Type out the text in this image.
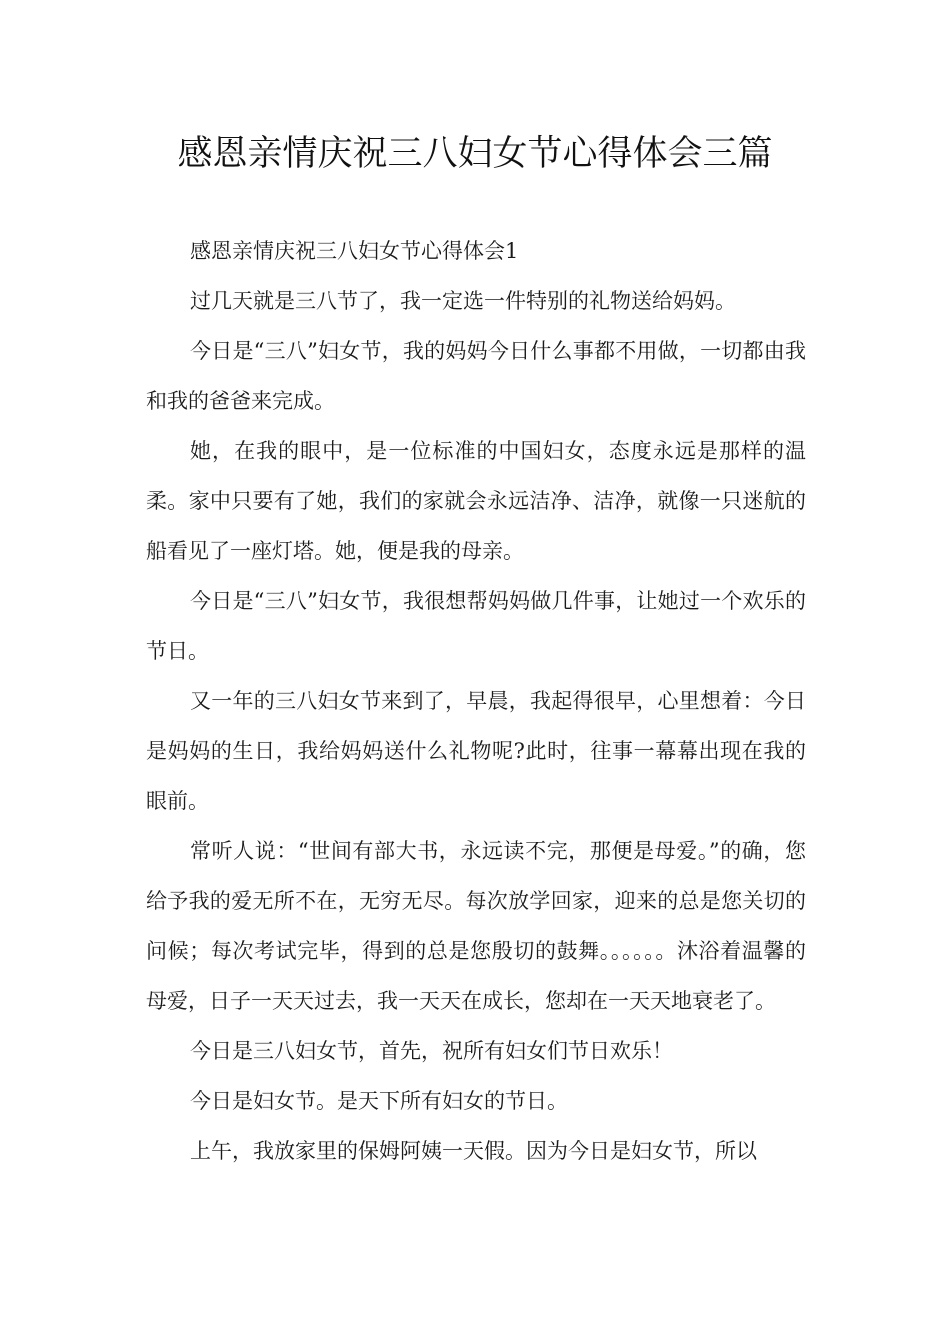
感恩亲情庆祝三八妇女节心得体会三篇

感恩亲情庆祝三八妇女节心得体会1

过几天就是三八节了，我一定选一件特别的礼物送给妈妈。

今日是“三八”妇女节，我的妈妈今日什么事都不用做，一切都由我和我的爸爸来完成。

她，在我的眼中，是一位标准的中国妇女，态度永远是那样的温柔。家中只要有了她，我们的家就会永远洁净、洁净，就像一只迷航的船看见了一座灯塔。她，便是我的母亲。

今日是“三八”妇女节，我很想帮妈妈做几件事，让她过一个欢乐的节日。

又一年的三八妇女节来到了，早晨，我起得很早，心里想着：今日是妈妈的生日，我给妈妈送什么礼物呢?此时，往事一幕幕出现在我的眼前。

常听人说：“世间有部大书，永远读不完，那便是母爱。”的确，您给予我的爱无所不在，无穷无尽。每次放学回家，迎来的总是您关切的问候；每次考试完毕，得到的总是您殷切的鼓舞。。。。。。沐浴着温馨的母爱，日子一天天过去，我一天天在成长，您却在一天天地衰老了。

今日是三八妇女节，首先，祝所有妇女们节日欢乐！

今日是妇女节。是天下所有妇女的节日。

上午，我放家里的保姆阿姨一天假。因为今日是妇女节，所以
